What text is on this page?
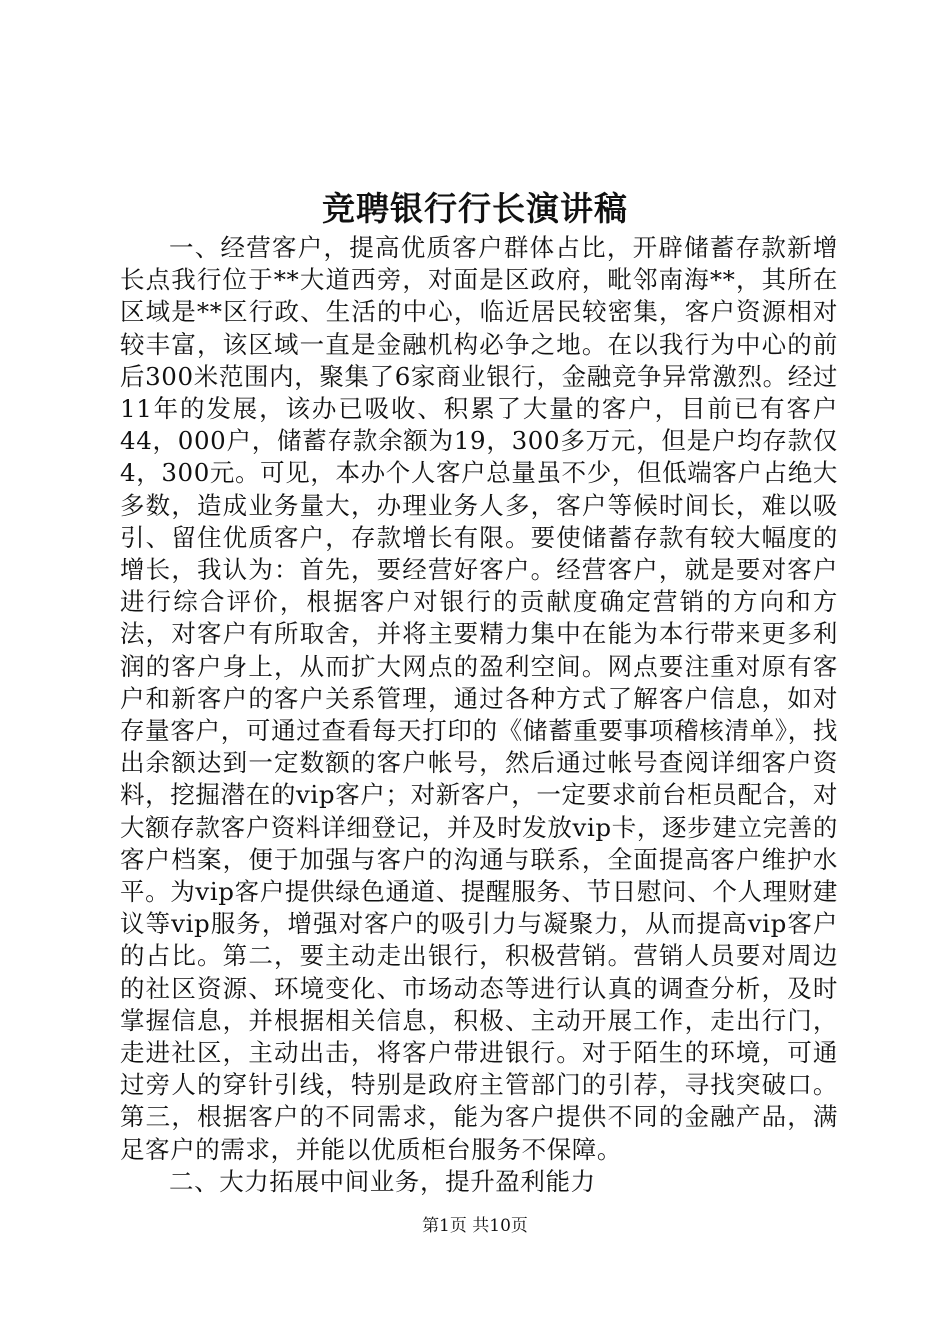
竞聘银行行长演讲稿

一、经营客户，提高优质客户群体占比，开辟储蓄存款新增长点我行位于**大道西旁，对面是区政府，毗邻南海**，其所在区域是**区行政、生活的中心，临近居民较密集，客户资源相对较丰富，该区域一直是金融机构必争之地。在以我行为中心的前后300米范围内，聚集了6家商业银行，金融竞争异常激烈。经过11年的发展，该办已吸收、积累了大量的客户，目前已有客户44，000户，储蓄存款余额为19，300多万元，但是户均存款仅4，300元。可见，本办个人客户总量虽不少，但低端客户占绝大多数，造成业务量大，办理业务人多，客户等候时间长，难以吸引、留住优质客户，存款增长有限。要使储蓄存款有较大幅度的增长，我认为：首先，要经营好客户。经营客户，就是要对客户进行综合评价，根据客户对银行的贡献度确定营销的方向和方法，对客户有所取舍，并将主要精力集中在能为本行带来更多利润的客户身上，从而扩大网点的盈利空间。网点要注重对原有客户和新客户的客户关系管理，通过各种方式了解客户信息，如对存量客户，可通过查看每天打印的《储蓄重要事项稽核清单》，找出余额达到一定数额的客户帐号，然后通过帐号查阅详细客户资料，挖掘潜在的vip客户；对新客户，一定要求前台柜员配合，对大额存款客户资料详细登记，并及时发放vip卡，逐步建立完善的客户档案，便于加强与客户的沟通与联系，全面提高客户维护水平。为vip客户提供绿色通道、提醒服务、节日慰问、个人理财建议等vip服务，增强对客户的吸引力与凝聚力，从而提高vip客户的占比。第二，要主动走出银行，积极营销。营销人员要对周边的社区资源、环境变化、市场动态等进行认真的调查分析，及时掌握信息，并根据相关信息，积极、主动开展工作，走出行门，走进社区，主动出击，将客户带进银行。对于陌生的环境，可通过旁人的穿针引线，特别是政府主管部门的引荐，寻找突破口。第三，根据客户的不同需求，能为客户提供不同的金融产品，满足客户的需求，并能以优质柜台服务不保障。

二、大力拓展中间业务，提升盈利能力

第1页 共10页
